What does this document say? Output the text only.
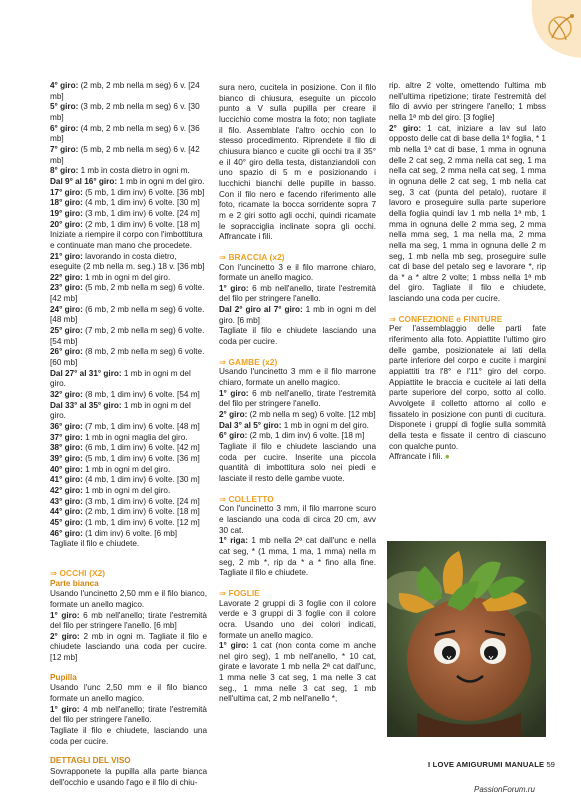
4° giro: (2 mb, 2 mb nella m seg) 6 v. [24 mb]
5° giro: (3 mb, 2 mb nella m seg) 6 v. [30 mb]
6° giro: (4 mb, 2 mb nella m seg) 6 v. [36 mb]
7° giro: (5 mb, 2 mb nella m seg) 6 v. [42 mb]
8° giro: 1 mb in costa dietro in ogni m.
Dal 9° al 16° giro: 1 mb in ogni m del giro.
17° giro: (5 mb, 1 dim inv) 6 volte. [36 mb]
18° giro: (4 mb, 1 dim inv) 6 volte. [30 m]
19° giro: (3 mb, 1 dim inv) 6 volte. [24 m]
20° giro: (2 mb, 1 dim inv) 6 volte. [18 m]
Iniziate a riempire il corpo con l'imbottitura
e continuate man mano che procedete.
21° giro: lavorando in costa dietro,
eseguite (2 mb nella m. seg.) 18 v. [36 mb]
22° giro: 1 mb in ogni m del giro.
23° giro: (5 mb, 2 mb nella m seg) 6 volte.
[42 mb]
24° giro: (6 mb, 2 mb nella m seg) 6 volte.
[48 mb]
25° giro: (7 mb, 2 mb nella m seg) 6 volte.
[54 mb]
26° giro: (8 mb, 2 mb nella m seg) 6 volte.
[60 mb]
Dal 27° al 31° giro: 1 mb in ogni m del giro.
32° giro: (8 mb, 1 dim inv) 6 volte. [54 m]
Dal 33° al 35° giro: 1 mb in ogni m del giro.
36° giro: (7 mb, 1 dim inv) 6 volte. [48 m]
37° giro: 1 mb in ogni maglia del giro.
38° giro: (6 mb, 1 dim inv) 6 volte. [42 m]
39° giro: (5 mb, 1 dim inv) 6 volte. [36 m]
40° giro: 1 mb in ogni m del giro.
41° giro: (4 mb, 1 dim inv) 6 volte. [30 m]
42° giro: 1 mb in ogni m del giro.
43° giro: (3 mb, 1 dim inv) 6 volte. [24 m]
44° giro: (2 mb, 1 dim inv) 6 volte. [18 m]
45° giro: (1 mb, 1 dim inv) 6 volte. [12 m]
46° giro: (1 dim inv) 6 volte. [6 mb]
Tagliate il filo e chiudete.
⇒ OCCHI (X2)
Parte bianca

Usando l'uncinetto 2,50 mm e il filo bianco, formate un anello magico.

1° giro: 6 mb nell'anello; tirate l'estremità del filo per stringere l'anello. [6 mb]

2° giro: 2 mb in ogni m. Tagliate il filo e chiudete lasciando una coda per cucire. [12 mb]

Pupilla

Usando l'unc 2,50 mm e il filo bianco formate un anello magico.

1° giro: 4 mb nell'anello; tirate l'estremità del filo per stringere l'anello.

Tagliate il filo e chiudete, lasciando una coda per cucire.

DETTAGLI DEL VISO

Sovrapponete la pupilla alla parte bianca dell'occhio e usando l'ago e il filo di chiu-

sura nero, cucitela in posizione. Con il filo bianco di chiusura, eseguite un piccolo punto a V sulla pupilla per creare il luccichio come mostra la foto; non tagliate il filo. Assemblate l'altro occhio con lo stesso procedimento. Riprendete il filo di chiusura bianco e cucite gli occhi tra il 35° e il 40° giro della testa, distanziandoli con uno spazio di 5 m e posizionando i lucchichi bianchi delle pupille in basso. Con il filo nero e facendo riferimento alle foto, ricamate la bocca sorridente sopra 7 m e 2 giri sotto agli occhi, quindi ricamate le sopracciglia inclinate sopra gli occhi. Affrancate i fili.

⇒ BRACCIA (x2)

Con l'uncinetto 3 e il filo marrone chiaro, formate un anello magico.

1° giro: 6 mb nell'anello, tirate l'estremità del filo per stringere l'anello.

Dal 2° giro al 7° giro: 1 mb in ogni m del giro. [6 mb]

Tagliate il filo e chiudete lasciando una coda per cucire.

⇒ GAMBE (x2)

Usando l'uncinetto 3 mm e il filo marrone chiaro, formate un anello magico.

1° giro: 6 mb nell'anello, tirate l'estremità del filo per stringere l'anello.

2° giro: (2 mb nella m seg) 6 volte. [12 mb]

Dal 3° al 5° giro: 1 mb in ogni m del giro.

6° giro: (2 mb, 1 dim inv) 6 volte. [18 m]

Tagliate il filo e chiudete lasciando una coda per cucire. Inserite una piccola quantità di imbottitura solo nei piedi e lasciate il resto delle gambe vuote.

⇒ COLLETTO

Con l'uncinetto 3 mm, il filo marrone scuro e lasciando una coda di circa 20 cm, avv 30 cat.

1° riga: 1 mb nella 2ª cat dall'unc e nella cat seg, * (1 mma, 1 ma, 1 mma) nella m seg, 2 mb *, rip da * a * fino alla fine. Tagliate il filo e chiudete.

⇒ FOGLIE

Lavorate 2 gruppi di 3 foglie con il colore verde e 3 gruppi di 3 foglie con il colore ocra. Usando uno dei colori indicati, formate un anello magico.

1° giro: 1 cat (non conta come m anche nel giro seg), 1 mb nell'anello, * 10 cat, girate e lavorate 1 mb nella 2ª cat dall'unc, 1 mma nelle 3 cat seg, 1 ma nelle 3 cat seg., 1 mma nelle 3 cat seg, 1 mb nell'ultima cat, 2 mb nell'anello *,

rip. altre 2 volte, omettendo l'ultima mb nell'ultima ripetizione; tirate l'estremità del filo di avvio per stringere l'anello; 1 mbss nella 1ª mb del giro. [3 foglie]

2° giro: 1 cat, iniziare a lav sul lato opposto delle cat di base della 1ª foglia, * 1 mb nella 1ª cat di base, 1 mma in ognuna delle 2 cat seg, 2 mma nella cat seg, 1 ma nella cat seg, 2 mma nella cat seg, 1 mma in ognuna delle 2 cat seg, 1 mb nella cat seg, 3 cat (punta del petalo), ruotare il lavoro e proseguire sulla parte superiore della foglia quindi lav 1 mb nella 1ª mb, 1 mma in ognuna delle 2 mma seg, 2 mma nella mma seg, 1 ma nella ma, 2 mma nella ma seg, 1 mma in ognuna delle 2 m seg, 1 mb nella mb seg, proseguire sulle cat di base del petalo seg e lavorare *, rip da * a * altre 2 volte; 1 mbss nella 1ª mb del giro. Tagliate il filo e chiudete, lasciando una coda per cucire.

⇒ CONFEZIONE e FINITURE

Per l'assemblaggio delle parti fate riferimento alla foto. Appiattite l'ultimo giro delle gambe, posizionatele ai lati della parte inferiore del corpo e cucite i margini appiattiti tra l'8° e l'11° giro del corpo. Appiattite le braccia e cucitele ai lati della parte superiore del corpo, sotto al collo. Avvolgete il colletto attorno al collo e fissatelo in posizione con punti di cucitura. Disponete i gruppi di foglie sulla sommità della testa e fissate il centro di ciascuno con qualche punto.

Affrancate i fili. ●

I LOVE AMIGURUMI MANUALE 59
PassionForum.ru
